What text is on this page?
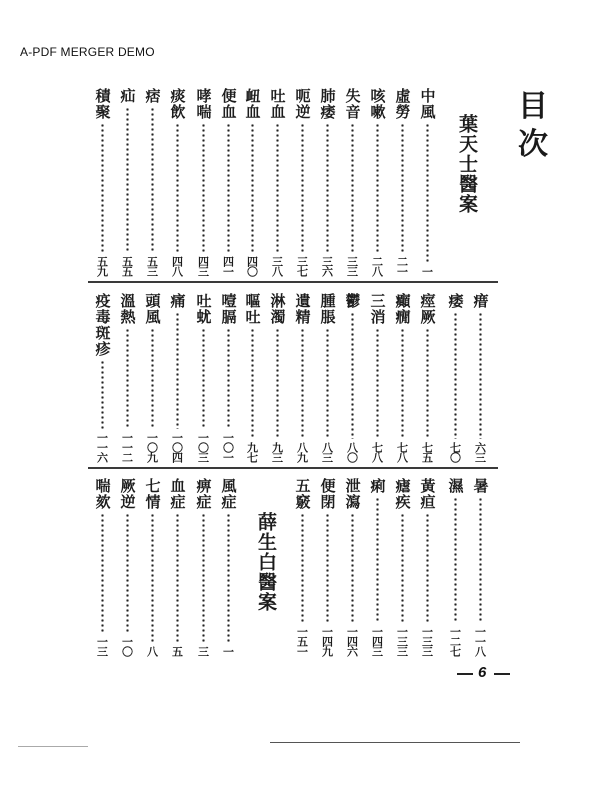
A-PDF MERGER DEMO
目
次
葉天士醫案
薛生白醫案
中風
一
虛勞
二一
咳嗽
二八
失音
三三
肺痿
三六
呃逆
三七
吐血
三八
衄血
四〇
便血
四一
哮喘
四三
痰飲
四八
痞
五三
疝
五五
積聚
五九
瘄
六三
痿
七〇
痙厥
七五
癲癇
七八
三消
七八
鬱
八〇
腫脹
八三
遺精
八九
淋濁
九三
嘔吐
九七
噎膈
一〇一
吐蚘
一〇三
痛
一〇四
頭風
一〇九
溫熱
一一二
疫毒斑疹
一一六
暑
一一八
濕
一二七
黃疸
一三三
瘧疾
一三三
痢
一四三
泄瀉
一四六
便閉
一四九
五竅
一五一
風症
一
痹症
三
血症
五
七情
八
厥逆
一〇
喘欬
一三
6
